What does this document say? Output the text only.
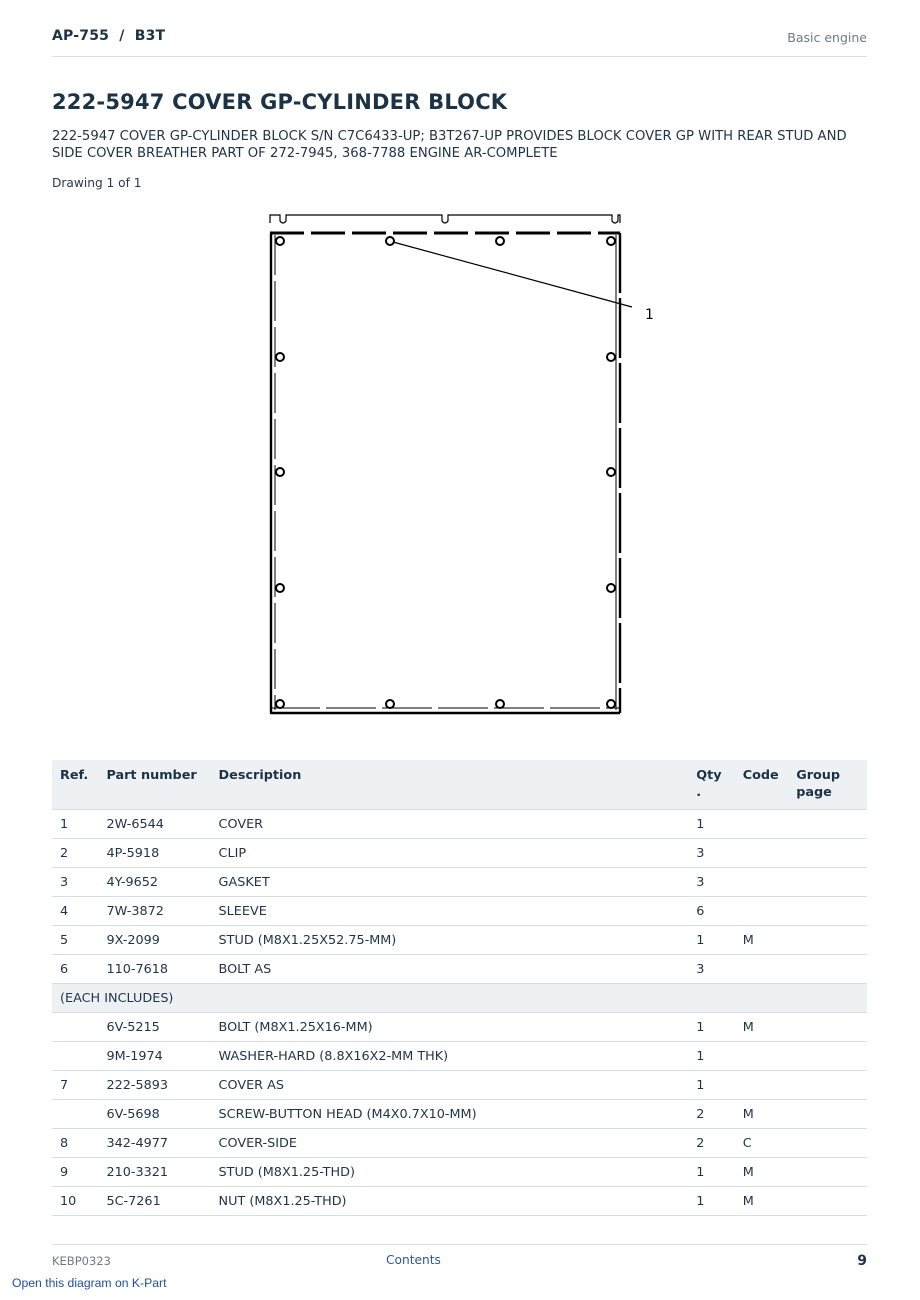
AP-755  /  B3T	Basic engine
222-5947 COVER GP-CYLINDER BLOCK
222-5947 COVER GP-CYLINDER BLOCK S/N C7C6433-UP; B3T267-UP PROVIDES BLOCK COVER GP WITH REAR STUD AND SIDE COVER BREATHER PART OF 272-7945, 368-7788 ENGINE AR-COMPLETE
Drawing 1 of 1
1
Ref.	Part number	Description	Qty .	Code	Group page
1	2W-6544	COVER	1		
2	4P-5918	CLIP	3		
3	4Y-9652	GASKET	3		
4	7W-3872	SLEEVE	6		
5	9X-2099	STUD (M8X1.25X52.75-MM)	1	M	
6	110-7618	BOLT AS	3		
(EACH INCLUDES)					
	6V-5215	BOLT (M8X1.25X16-MM)	1	M	
	9M-1974	WASHER-HARD (8.8X16X2-MM THK)	1		
7	222-5893	COVER AS	1		
	6V-5698	SCREW-BUTTON HEAD (M4X0.7X10-MM)	2	M	
8	342-4977	COVER-SIDE	2	C	
9	210-3321	STUD (M8X1.25-THD)	1	M	
10	5C-7261	NUT (M8X1.25-THD)	1	M	
KEBP0323	Contents	9
Open this diagram on K-Part
